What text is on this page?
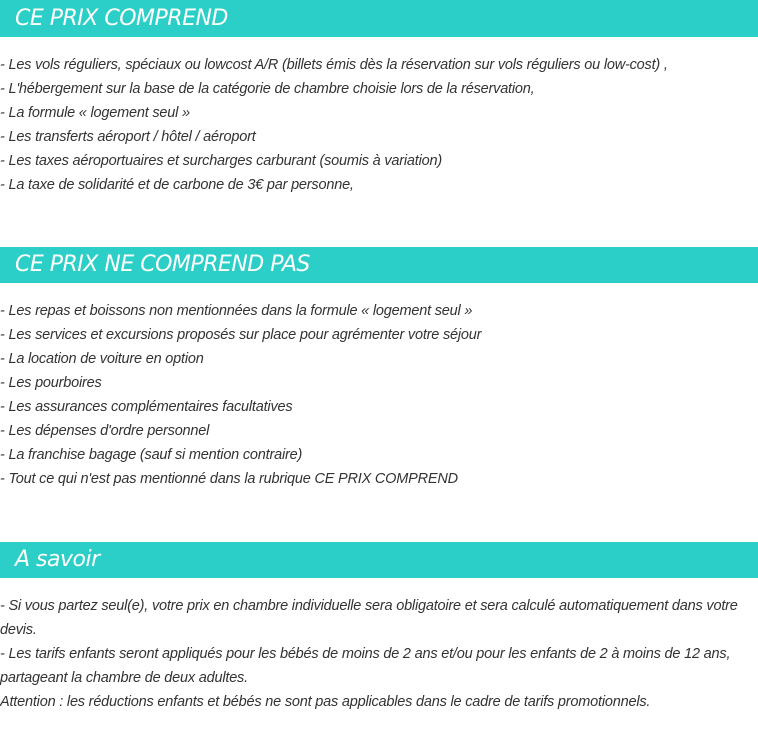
CE PRIX COMPREND
- Les vols réguliers, spéciaux ou lowcost A/R (billets émis dès la réservation sur vols réguliers ou low-cost) ,
- L'hébergement sur la base de la catégorie de chambre choisie lors de la réservation,
- La formule « logement seul »
- Les transferts aéroport / hôtel / aéroport
- Les taxes aéroportuaires et surcharges carburant (soumis à variation)
- La taxe de solidarité et de carbone de 3€ par personne,
CE PRIX NE COMPREND PAS
- Les repas et boissons non mentionnées dans la formule « logement seul »
- Les services et excursions proposés sur place pour agrémenter votre séjour
- La location de voiture en option
- Les pourboires
- Les assurances complémentaires facultatives
- Les dépenses d'ordre personnel
- La franchise bagage (sauf si mention contraire)
- Tout ce qui n'est pas mentionné dans la rubrique CE PRIX COMPREND
A savoir

- Si vous partez seul(e), votre prix en chambre individuelle sera obligatoire et sera calculé automatiquement dans votre devis.

- Les tarifs enfants seront appliqués pour les bébés de moins de 2 ans et/ou pour les enfants de 2 à moins de 12 ans, partageant la chambre de deux adultes.

Attention : les réductions enfants et bébés ne sont pas applicables dans le cadre de tarifs promotionnels.
